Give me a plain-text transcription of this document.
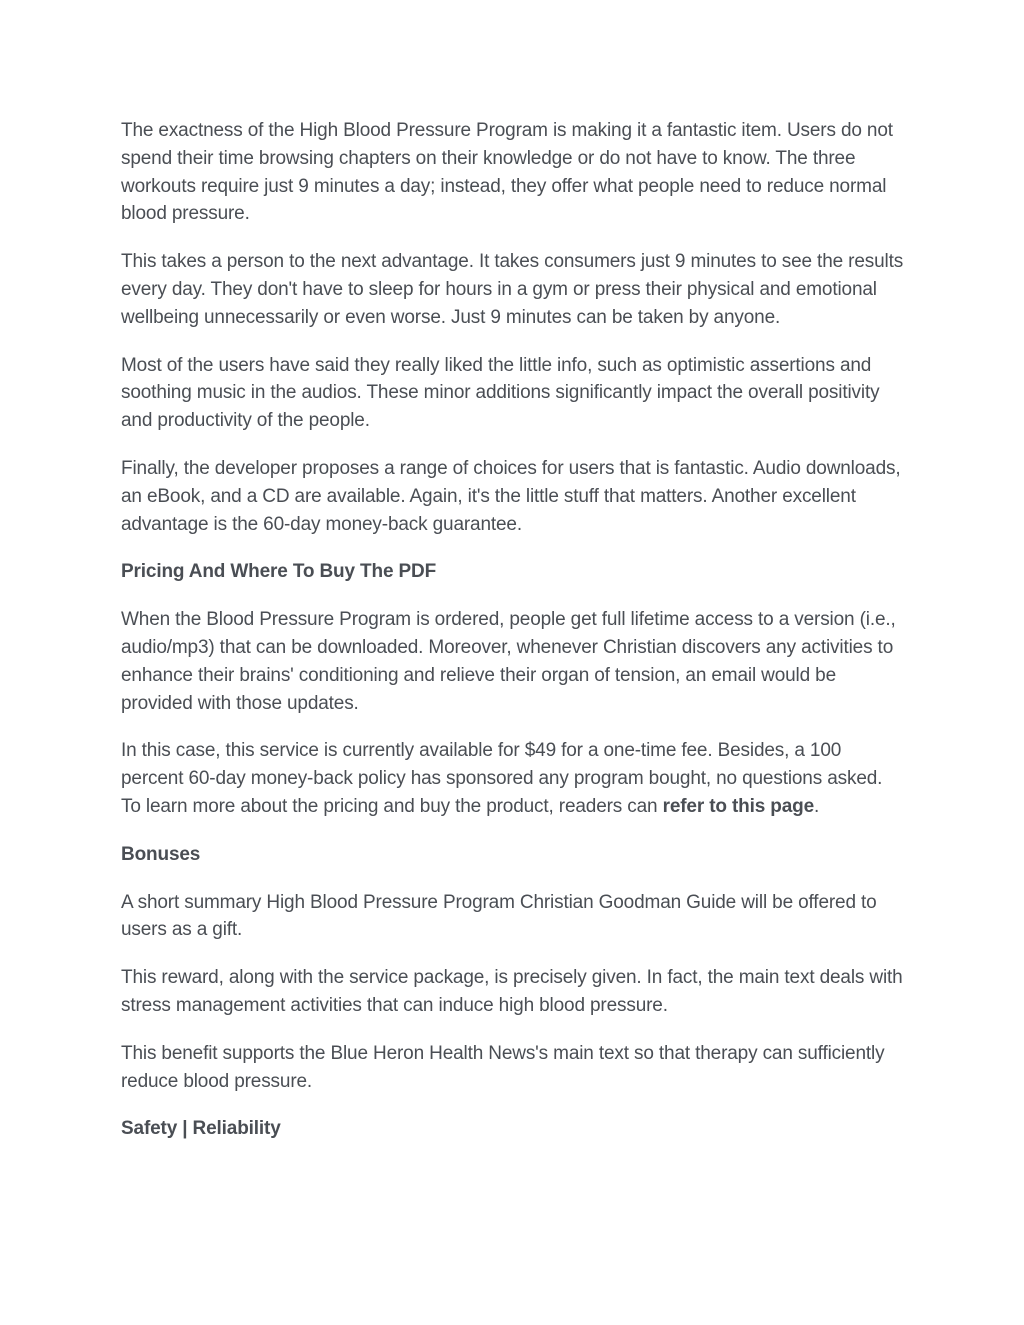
The exactness of the High Blood Pressure Program is making it a fantastic item. Users do not spend their time browsing chapters on their knowledge or do not have to know. The three workouts require just 9 minutes a day; instead, they offer what people need to reduce normal blood pressure.

This takes a person to the next advantage. It takes consumers just 9 minutes to see the results every day. They don't have to sleep for hours in a gym or press their physical and emotional wellbeing unnecessarily or even worse. Just 9 minutes can be taken by anyone.

Most of the users have said they really liked the little info, such as optimistic assertions and soothing music in the audios. These minor additions significantly impact the overall positivity and productivity of the people.

Finally, the developer proposes a range of choices for users that is fantastic. Audio downloads, an eBook, and a CD are available. Again, it's the little stuff that matters. Another excellent advantage is the 60-day money-back guarantee.

Pricing And Where To Buy The PDF

When the Blood Pressure Program is ordered, people get full lifetime access to a version (i.e., audio/mp3) that can be downloaded. Moreover, whenever Christian discovers any activities to enhance their brains' conditioning and relieve their organ of tension, an email would be provided with those updates.

In this case, this service is currently available for $49 for a one-time fee. Besides, a 100 percent 60-day money-back policy has sponsored any program bought, no questions asked. To learn more about the pricing and buy the product, readers can refer to this page.

Bonuses

A short summary High Blood Pressure Program Christian Goodman Guide will be offered to users as a gift.

This reward, along with the service package, is precisely given. In fact, the main text deals with stress management activities that can induce high blood pressure.

This benefit supports the Blue Heron Health News's main text so that therapy can sufficiently reduce blood pressure.

Safety | Reliability
